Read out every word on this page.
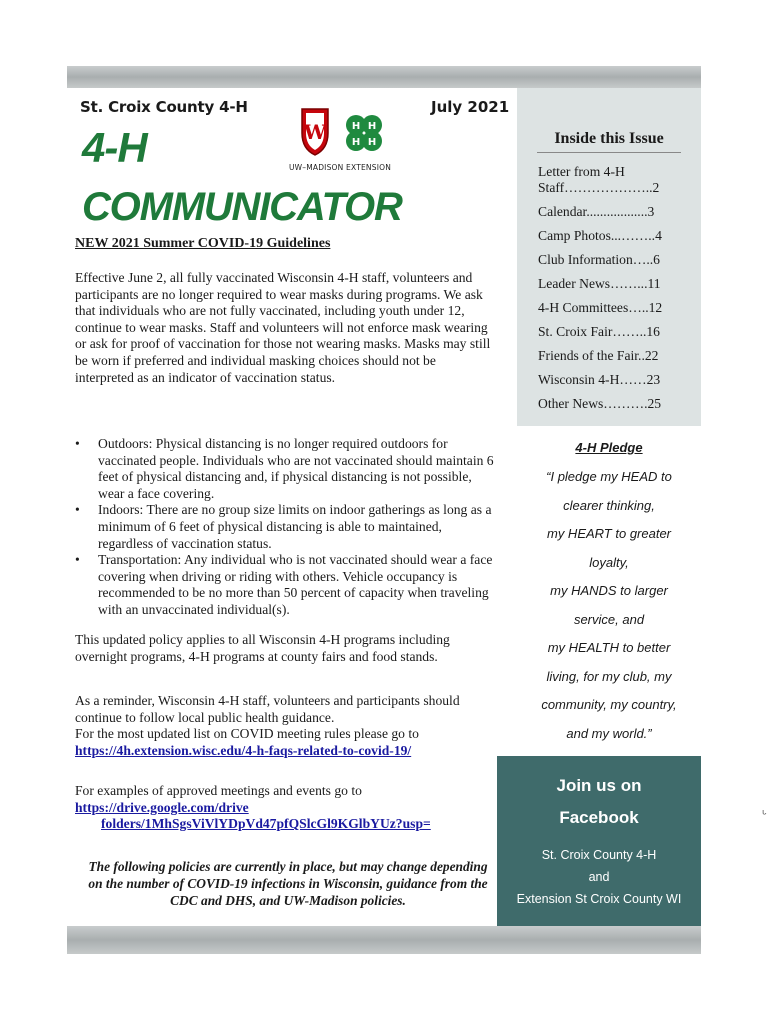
St. Croix County 4-H	July 2021
4-H
COMMUNICATOR
W	H H
H H
UW–MADISON EXTENSION
NEW 2021 Summer COVID-19 Guidelines
Effective June 2, all fully vaccinated Wisconsin 4-H staff, volunteers and participants are no longer required to wear masks during programs. We ask that individuals who are not fully vaccinated, including youth under 12, continue to wear masks. Staff and volunteers will not enforce mask wearing or ask for proof of vaccination for those not wearing masks. Masks may still be worn if preferred and individual masking choices should not be interpreted as an indicator of vaccination status.
• Outdoors: Physical distancing is no longer required outdoors for vaccinated people. Individuals who are not vaccinated should maintain 6 feet of physical distancing and, if physical distancing is not possible, wear a face covering.
• Indoors: There are no group size limits on indoor gatherings as long as a minimum of 6 feet of physical distancing is able to maintained, regardless of vaccination status.
• Transportation: Any individual who is not vaccinated should wear a face covering when driving or riding with others. Vehicle occupancy is recommended to be no more than 50 percent of capacity when traveling with an unvaccinated individual(s).
This updated policy applies to all Wisconsin 4-H programs including overnight programs, 4-H programs at county fairs and food stands.
As a reminder, Wisconsin 4-H staff, volunteers and participants should continue to follow local public health guidance.
For the most updated list on COVID meeting rules please go to
https://4h.extension.wisc.edu/4-h-faqs-related-to-covid-19/
For examples of approved meetings and events go to
https://drive.google.com/drive
folders/1MhSgsViVlYDpVd47pfQSlcGl9KGlbYUz?usp=
The following policies are currently in place, but may change depending on the number of COVID-19 infections in Wisconsin, guidance from the CDC and DHS, and UW-Madison policies.
Inside this Issue
Letter from 4-H Staff………………..2
Calendar..................3
Camp Photos...……..4
Club Information…..6
Leader News……...11
4-H Committees…..12
St. Croix Fair……..16
Friends of the Fair..22
Wisconsin 4-H……23
Other News……….25
4-H Pledge
“I pledge my HEAD to
clearer thinking,
my HEART to greater
loyalty,
my HANDS to larger
service, and
my HEALTH to better
living, for my club, my
community, my country,
and my world.”
Join us on
Facebook
St. Croix County 4-H
and
Extension St Croix County WI
ᒡ
